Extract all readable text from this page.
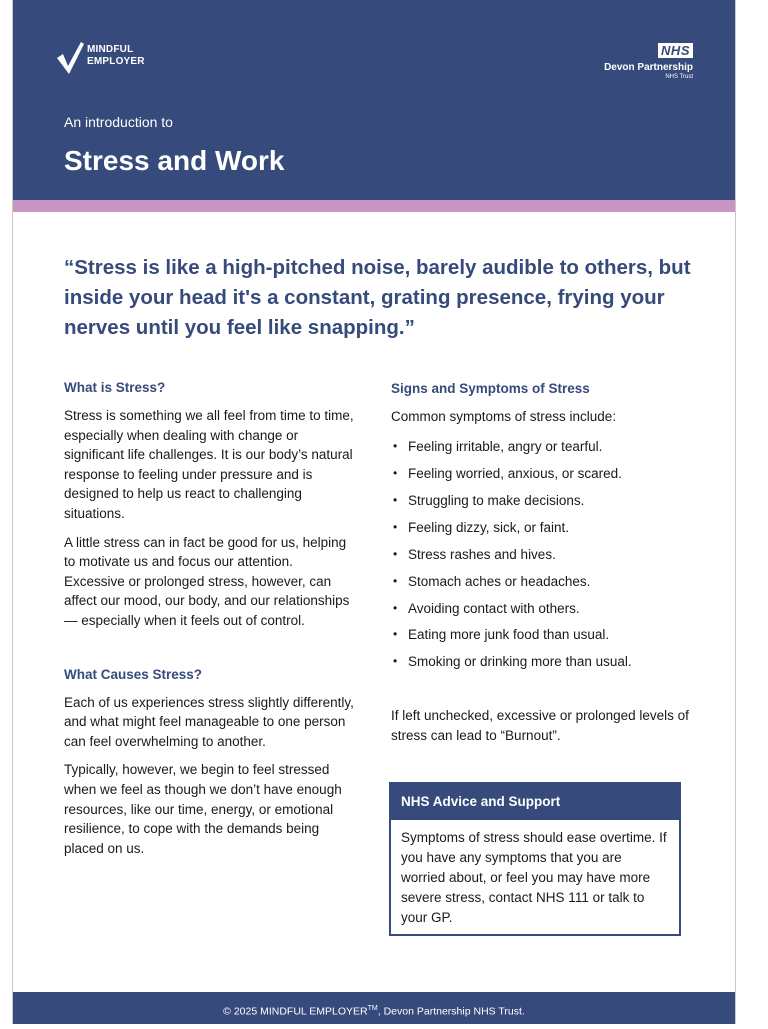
MINDFUL
EMPLOYER
NHS
Devon Partnership
NHS Trust
An introduction to
Stress and Work

“Stress is like a high-pitched noise, barely audible to others, but inside your head it's a constant, grating presence, frying your nerves until you feel like snapping.”

What is Stress?

Stress is something we all feel from time to time, especially when dealing with change or significant life challenges. It is our body’s natural response to feeling under pressure and is designed to help us react to challenging situations.

A little stress can in fact be good for us, helping to motivate us and focus our attention. Excessive or prolonged stress, however, can affect our mood, our body, and our relationships — especially when it feels out of control.

What Causes Stress?

Each of us experiences stress slightly differently, and what might feel manageable to one person can feel overwhelming to another.

Typically, however, we begin to feel stressed when we feel as though we don’t have enough resources, like our time, energy, or emotional resilience, to cope with the demands being placed on us.

Signs and Symptoms of Stress

Common symptoms of stress include:

• Feeling irritable, angry or tearful.
• Feeling worried, anxious, or scared.
• Struggling to make decisions.
• Feeling dizzy, sick, or faint.
• Stress rashes and hives.
• Stomach aches or headaches.
• Avoiding contact with others.
• Eating more junk food than usual.
• Smoking or drinking more than usual.

If left unchecked, excessive or prolonged levels of stress can lead to “Burnout”.

NHS Advice and Support
Symptoms of stress should ease overtime. If you have any symptoms that you are worried about, or feel you may have more severe stress, contact NHS 111 or talk to your GP.
© 2025 MINDFUL EMPLOYER™, Devon Partnership NHS Trust.
